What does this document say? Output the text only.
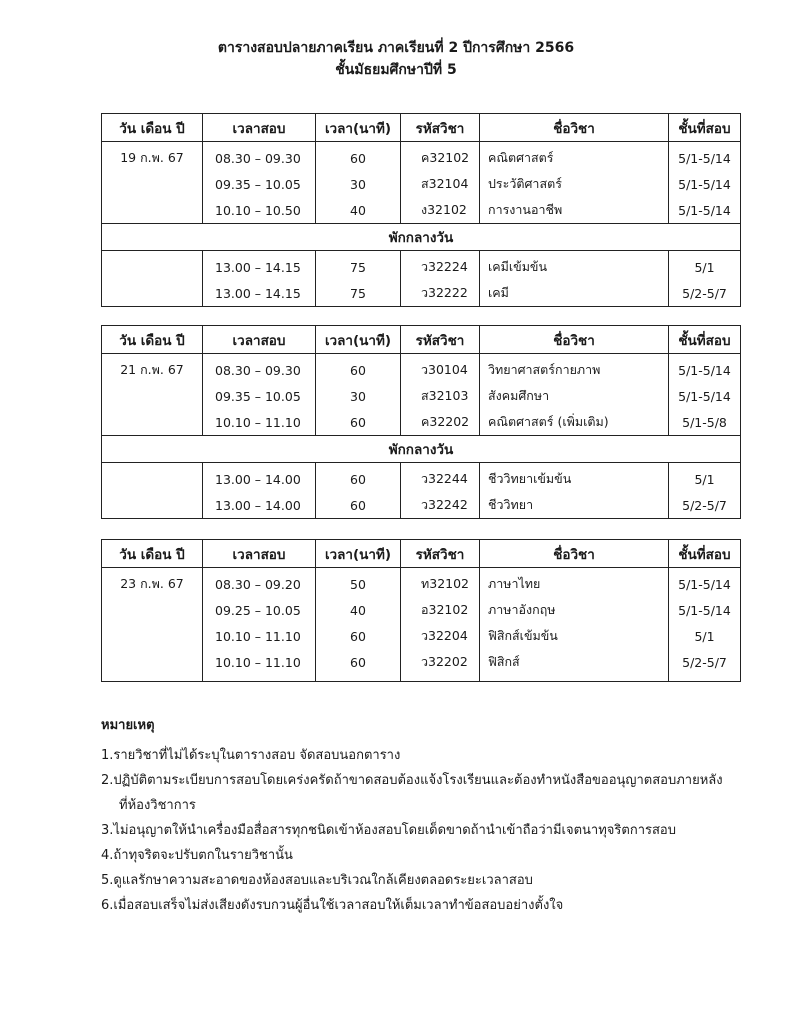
ตารางสอบปลายภาคเรียน ภาคเรียนที่ 2 ปีการศึกษา 2566
ชั้นมัธยมศึกษาปีที่ 5
วัน เดือน ปี	เวลาสอบ	เวลา(นาที)	รหัสวิชา	ชื่อวิชา	ชั้นที่สอบ
19 ก.พ. 67	08.30 – 09.30	60	ค32102	คณิตศาสตร์	5/1-5/14
	09.35 – 10.05	30	ส32104	ประวัติศาสตร์	5/1-5/14
	10.10 – 10.50	40	ง32102	การงานอาชีพ	5/1-5/14
พักกลางวัน					
	13.00 – 14.15	75	ว32224	เคมีเข้มข้น	5/1
	13.00 – 14.15	75	ว32222	เคมี	5/2-5/7
วัน เดือน ปี	เวลาสอบ	เวลา(นาที)	รหัสวิชา	ชื่อวิชา	ชั้นที่สอบ
21 ก.พ. 67	08.30 – 09.30	60	ว30104	วิทยาศาสตร์กายภาพ	5/1-5/14
	09.35 – 10.05	30	ส32103	สังคมศึกษา	5/1-5/14
	10.10 – 11.10	60	ค32202	คณิตศาสตร์ (เพิ่มเติม)	5/1-5/8
พักกลางวัน					
	13.00 – 14.00	60	ว32244	ชีววิทยาเข้มข้น	5/1
	13.00 – 14.00	60	ว32242	ชีววิทยา	5/2-5/7
วัน เดือน ปี	เวลาสอบ	เวลา(นาที)	รหัสวิชา	ชื่อวิชา	ชั้นที่สอบ
23 ก.พ. 67	08.30 – 09.20	50	ท32102	ภาษาไทย	5/1-5/14
	09.25 – 10.05	40	อ32102	ภาษาอังกฤษ	5/1-5/14
	10.10 – 11.10	60	ว32204	ฟิสิกส์เข้มข้น	5/1
	10.10 – 11.10	60	ว32202	ฟิสิกส์	5/2-5/7
หมายเหตุ
1.รายวิชาที่ไม่ได้ระบุในตารางสอบ จัดสอบนอกตาราง
2.ปฏิบัติตามระเบียบการสอบโดยเคร่งครัดถ้าขาดสอบต้องแจ้งโรงเรียนและต้องทำหนังสือขออนุญาตสอบภายหลัง
ที่ห้องวิชาการ
3.ไม่อนุญาตให้นำเครื่องมือสื่อสารทุกชนิดเข้าห้องสอบโดยเด็ดขาดถ้านำเข้าถือว่ามีเจตนาทุจริตการสอบ
4.ถ้าทุจริตจะปรับตกในรายวิชานั้น
5.ดูแลรักษาความสะอาดของห้องสอบและบริเวณใกล้เคียงตลอดระยะเวลาสอบ
6.เมื่อสอบเสร็จไม่ส่งเสียงดังรบกวนผู้อื่นใช้เวลาสอบให้เต็มเวลาทำข้อสอบอย่างตั้งใจ
